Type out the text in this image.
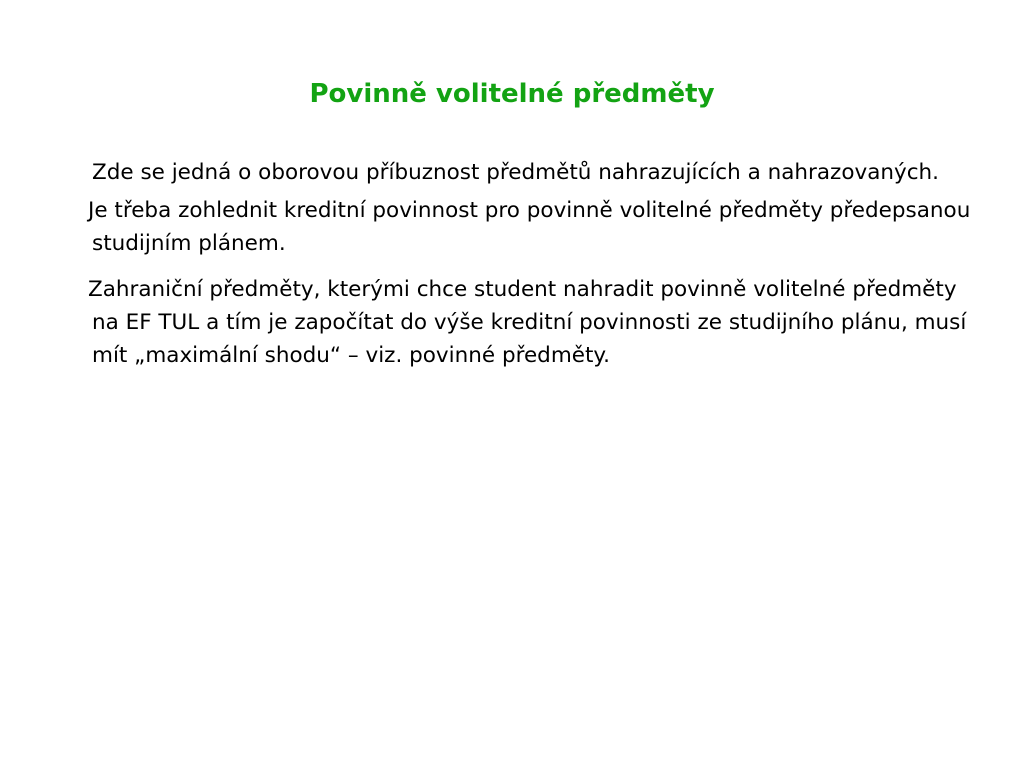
Povinně volitelné předměty

Zde se jedná o oborovou příbuznost předmětů nahrazujících a nahrazovaných.

Je třeba zohlednit kreditní povinnost pro povinně volitelné předměty předepsanou studijním plánem.

Zahraniční předměty, kterými chce student nahradit povinně volitelné předměty na EF TUL a tím je započítat do výše kreditní povinnosti ze studijního plánu, musí mít „maximální shodu“ – viz. povinné předměty.
